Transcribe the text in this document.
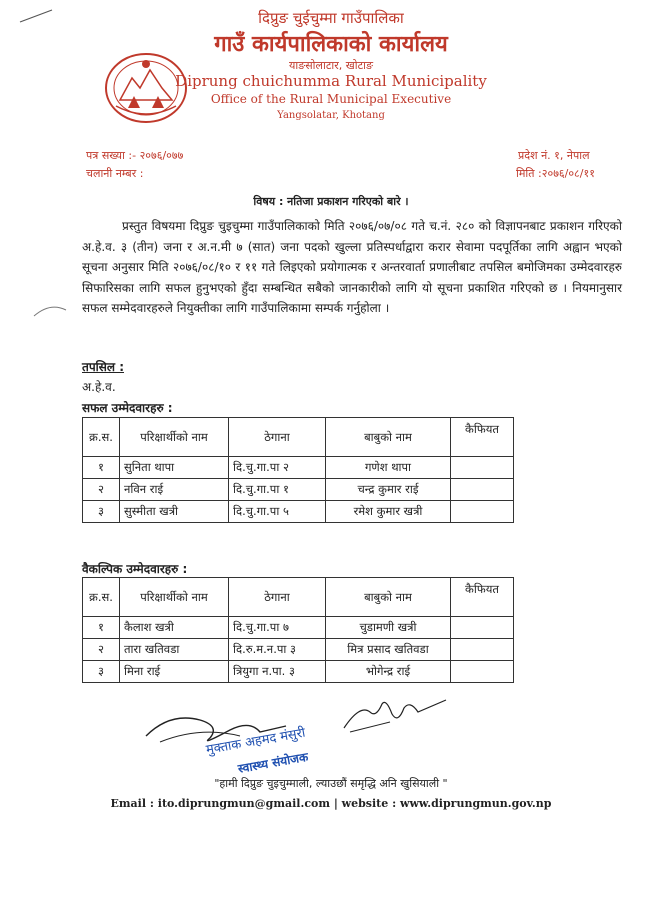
दिप्रुङ चुईचुम्मा गाउँपालिका
गाउँ कार्यपालिकाको कार्यालय
याङसोलाटार, खोटाङ
Diprung chuichumma Rural Municipality
Office of the Rural Municipal Executive
Yangsolatar, Khotang
पत्र सख्या :- २०७६/०७७
चलानी नम्बर :
प्रदेश नं. १, नेपाल
मिति :२०७६/०८/११
विषय : नतिजा प्रकाशन गरिएको बारे ।

प्रस्तुत विषयमा दिप्रुङ चुइचुम्मा गाउँपालिकाको मिति २०७६/०७/०८ गते च.नं. २८० को विज्ञापनबाट प्रकाशन गरिएको अ.हे.व. ३ (तीन) जना र अ.न.मी ७ (सात) जना पदको खुल्ला प्रतिस्पर्धाद्वारा करार सेवामा पदपूर्तिका लागि अह्वान भएको सूचना अनुसार मिति २०७६/०८/१० र ११ गते लिइएको प्रयोगात्मक र अन्तरवार्ता प्रणालीबाट तपसिल बमोजिमका उम्मेदवारहरु सिफारिसका लागि सफल हुनुभएको हुँदा सम्बन्धित सबैको जानकारीको लागि यो सूचना प्रकाशित गरिएको छ । नियमानुसार सफल सम्मेदवारहरुले नियुक्तीका लागि गाउँपालिकामा सम्पर्क गर्नुहोला ।

तपसिल :
अ.हे.व.
सफल उम्मेदवारहरु :
क्र.स.	परिक्षार्थीको नाम	ठेगाना	बाबुको नाम	कैफियत
१	सुनिता थापा	दि.चु.गा.पा २	गणेश थापा	
२	नविन राई	दि.चु.गा.पा १	चन्द्र कुमार राई	
३	सुस्मीता खत्री	दि.चु.गा.पा ५	रमेश कुमार खत्री	
वैकल्पिक उम्मेदवारहरु :
क्र.स.	परिक्षार्थीको नाम	ठेगाना	बाबुको नाम	कैफियत
१	कैलाश खत्री	दि.चु.गा.पा ७	चुडामणी खत्री	
२	तारा खतिवडा	दि.रु.म.न.पा ३	मित्र प्रसाद खतिवडा	
३	मिना राई	त्रियुगा न.पा. ३	भोगेन्द्र राई	
मुक्ताक अहमद मंसुरी
स्वास्थ्य संयोजक
"हामी दिप्रुङ चुइचुम्माली, ल्याउछौं समृद्धि अनि खुसियाली "
Email : ito.diprungmun@gmail.com | website : www.diprungmun.gov.np
